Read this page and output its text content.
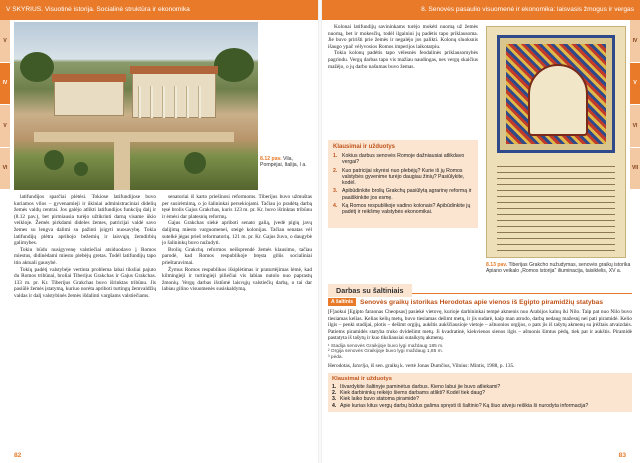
V SKYRIUS. Visuotinė istorija. Socialinė struktūra ir ekonomika
V
IV
V
VI
8.12 pav. Vila, Pompėjai, Italija, I a.

latifundijos sparčiai plėtėsi. Tokiose latifundijose buvo kuriamos vilos – gyvenamieji ir ūkiniai administraciniai didelių žemės valdų centrai. Jos galėjo atlikti latifundijos funkcijų dalį ir (8.12 pav.), bet pirmiausia turėjo užtikrinti darną visame ūkio veikloje. Žemės pirkdami dideles žemes, patricijai valdė savo žemes su lengva dalimi su pažinti įsigyti nuosavybę. Tokia latifundijų plėtra apribojo bežemių ir laisvųjų žemdirbių galimybes.

Tokiu būdu nusigyvenę valstiečiai atsiduodavo į Romos miestus, didinėdami miesto plebėjų gretas. Todėl latifundijų tapo itin aktuali gausybė.

Tokių padėtį valstybėje vertinta problema labai tiksliai pajuto du Romos tribūnai, broliai Tiberijus Grakchas ir Gajus Grakchas. 133 m. pr. Kr. Tiberijus Grakchas buvo išrinktas tribūnu. Jis pasiūlė žemės įstatymą, kuriuo norėta apriboti turtingų žemvaldžių valdas ir dalį valstybinės žemės išdalinti vargšams valstiečiams.

senatoriai iš karto priešinosi reformoms. Tiberijus buvo užmuštas per susirėmimą, o jo šalininkai persekiojami. Tačiau jo pradėtą darbą tęsė brolis Gajus Grakchas, kuris 123 m. pr. Kr. buvo išrinktas tribūnu ir ėmėsi dar platesnių reformų.

Gajus Grakchas siekė apriboti senato galią, įvedė pigių javų dalijimą miesto varguomenei, steigė kolonijas. Tačiau senatas vėl sutelkė jėgas prieš reformatorių. 121 m. pr. Kr. Gajus žuvo, o daugybė jo šalininkų buvo nužudyti.

Brolių Grakchų reformos neišsprendė žemės klausimo, tačiau parodė, kad Romos respublikoje bręsta gilūs socialiniai prieštaravimai.

Žymus Romos respublikos išsiplėtimas ir praturtėjimas lėmė, kad kilmingieji ir turtingieji piliečiai vis labiau nutolo nuo paprastų žmonių. Vergų darbas išstūmė laisvųjų valstiečių darbą, o tai dar labiau gilino visuomenės susiskaldymą.

82
8. Senovės pasaulio visuomenė ir ekonomika: laisvasis žmogus ir vergas
IV
V
VI
VII

Kolonai latifundijų savininkams turėjo mokėti nuomą už žemės nuomą, bet ir mokesčių, todėl ilgainiui jų padėtis tapo priklausoma. Jie buvo pririšti prie žemės ir negalėjo jos palikti. Kolonų sluoksnis išaugo ypač vėlyvosios Romos imperijos laikotarpiu.

Tokia kolonų padėtis tapo vėlesnės feodalinės priklausomybės pagrindu. Vergų darbas tapo vis mažiau naudingas, nes vergų skaičius mažėjo, o jų darbo našumas buvo žemas.

Klausimai ir užduotys
1. Kokius darbus senovės Romoje dažniausiai atlikdavo vergai?
2. Kuo patricijai skyrėsi nuo plebėjų? Kurie iš jų Romos valstybės gyvenime turėjo daugiau žinių? Pasiūlykite, kodėl.
3. Apibūdinkite brolių Grakchų pasiūlytą agrarinę reformą ir paaiškinkite jos esmę.
4. Ką Romos respublikoje vadino kolonais? Apibūdinkite jų padėtį ir reikšmę valstybės ekonomikai.
8.13 pav. Tiberijas Grakcho nužudymas, senovės graikų istorika Apiano veikalo „Romos istorija" iliuminacija, taisiklelis, XV a.
Darbas su šaltiniais
A šaltinis	Senovės graikų istorikas Herodotas apie vienos iš Egipto piramidžių statybas
[F]aokui [Egipto faraonas Cheopsas] pasiekė vietovę, kurioje darbininkai tempė akmenis nuo Arabijos kalnų iki Nilo. Taip pat nuo Nilo buvo tiesiamas kelias. Kelias kelių metų, buvo tiesiamas dešimt metų, ir jis sudarė, kaip man atrodo, darbą nedaug mažesnį nei pati piramidė. Kelio ilgis – penki stadijai, plotis – dešimt orgijų, aukštis aukščiausioje vietoje – aštuonios orgijos, o pats jis iš tašytų akmenų su įrėžtais atvaizdais. Patiems piramidės statyba truko dvidešimt metų. Ji kvadratinė, kiekvienos sienos ilgis – aštuonis šimtus pėdų, tiek pat ir aukštis. Piramidė pastatyta iš tašytų ir kuo tiksliausiai sutaikytų akmenų.
¹ Stadija senovės Graikijoje buvo lygi maždaug 185 m.
² Orgija senovės Graikijoje buvo lygi maždaug 1,85 m.
³ pėda.
Herodotas, Istorija, iš sen. graikų k. vertė Jonas Dumčius, Vilnius: Mintis, 1988, p. 135.
Klausimai ir užduotys
1. Išvardykite šaltinyje paminėtus darbus. Kieno labui jie buvo atliekami?
2. Kiek darbininkų reikėjo šiems darbams atlikti? Kodėl tiek daug?
3. Kiek laiko buvo statoma piramidė?
4. Apie kurias kitus vergų darbų būdus galima spręsti iš šaltinio? Ką šiuo atveju reiškia ši nurodyta informacija?
83
